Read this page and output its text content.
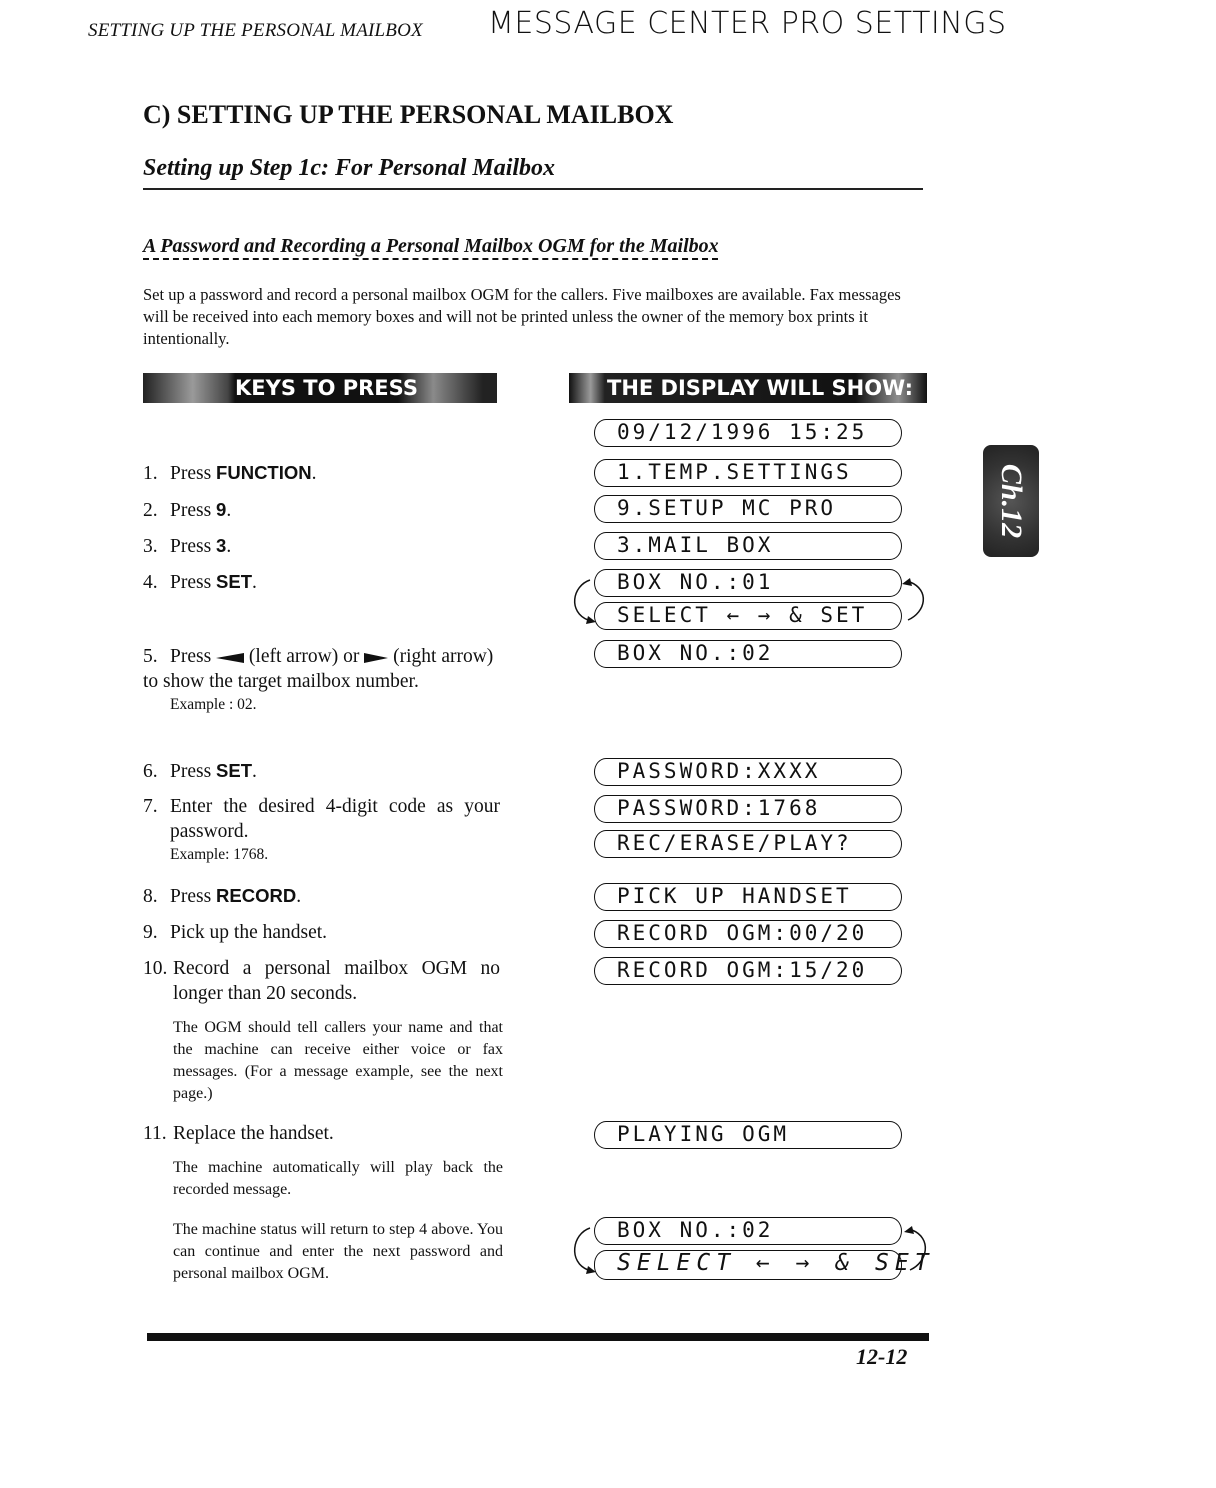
SETTING UP THE PERSONAL MAILBOX MESSAGE CENTER PRO SETTINGS
C) SETTING UP THE PERSONAL MAILBOX
Setting up Step 1c: For Personal Mailbox
A Password and Recording a Personal Mailbox OGM for the Mailbox
Set up a password and record a personal mailbox OGM for the callers. Five mailboxes are available. Fax messages will be received into each memory boxes and will not be printed unless the owner of the memory box prints it intentionally.
KEYS TO PRESS	THE DISPLAY WILL SHOW:
1. Press FUNCTION.
2. Press 9.
3. Press 3.
4. Press SET.
5. Press  (left arrow) or  (right arrow) to show the target mailbox number.
Example : 02.
6. Press SET.
7. Enter the desired 4-digit code as your password.
Example: 1768.
8. Press RECORD.
9. Pick up the handset.
10. Record a personal mailbox OGM no longer than 20 seconds.
The OGM should tell callers your name and that the machine can receive either voice or fax messages. (For a message example, see the next page.)
11. Replace the handset.
The machine automatically will play back the recorded message.
The machine status will return to step 4 above. You can continue and enter the next password and personal mailbox OGM.
09/12/1996 15:25
1.TEMP.SETTINGS
9.SETUP MC PRO
3.MAIL BOX
BOX NO.:01
SELECT ← → & SET
BOX NO.:02
PASSWORD:XXXX
PASSWORD:1768
REC/ERASE/PLAY?
PICK UP HANDSET
RECORD OGM:00/20
RECORD OGM:15/20
PLAYING OGM
BOX NO.:02
SELECT ← → & SET
Ch.12
12-12
